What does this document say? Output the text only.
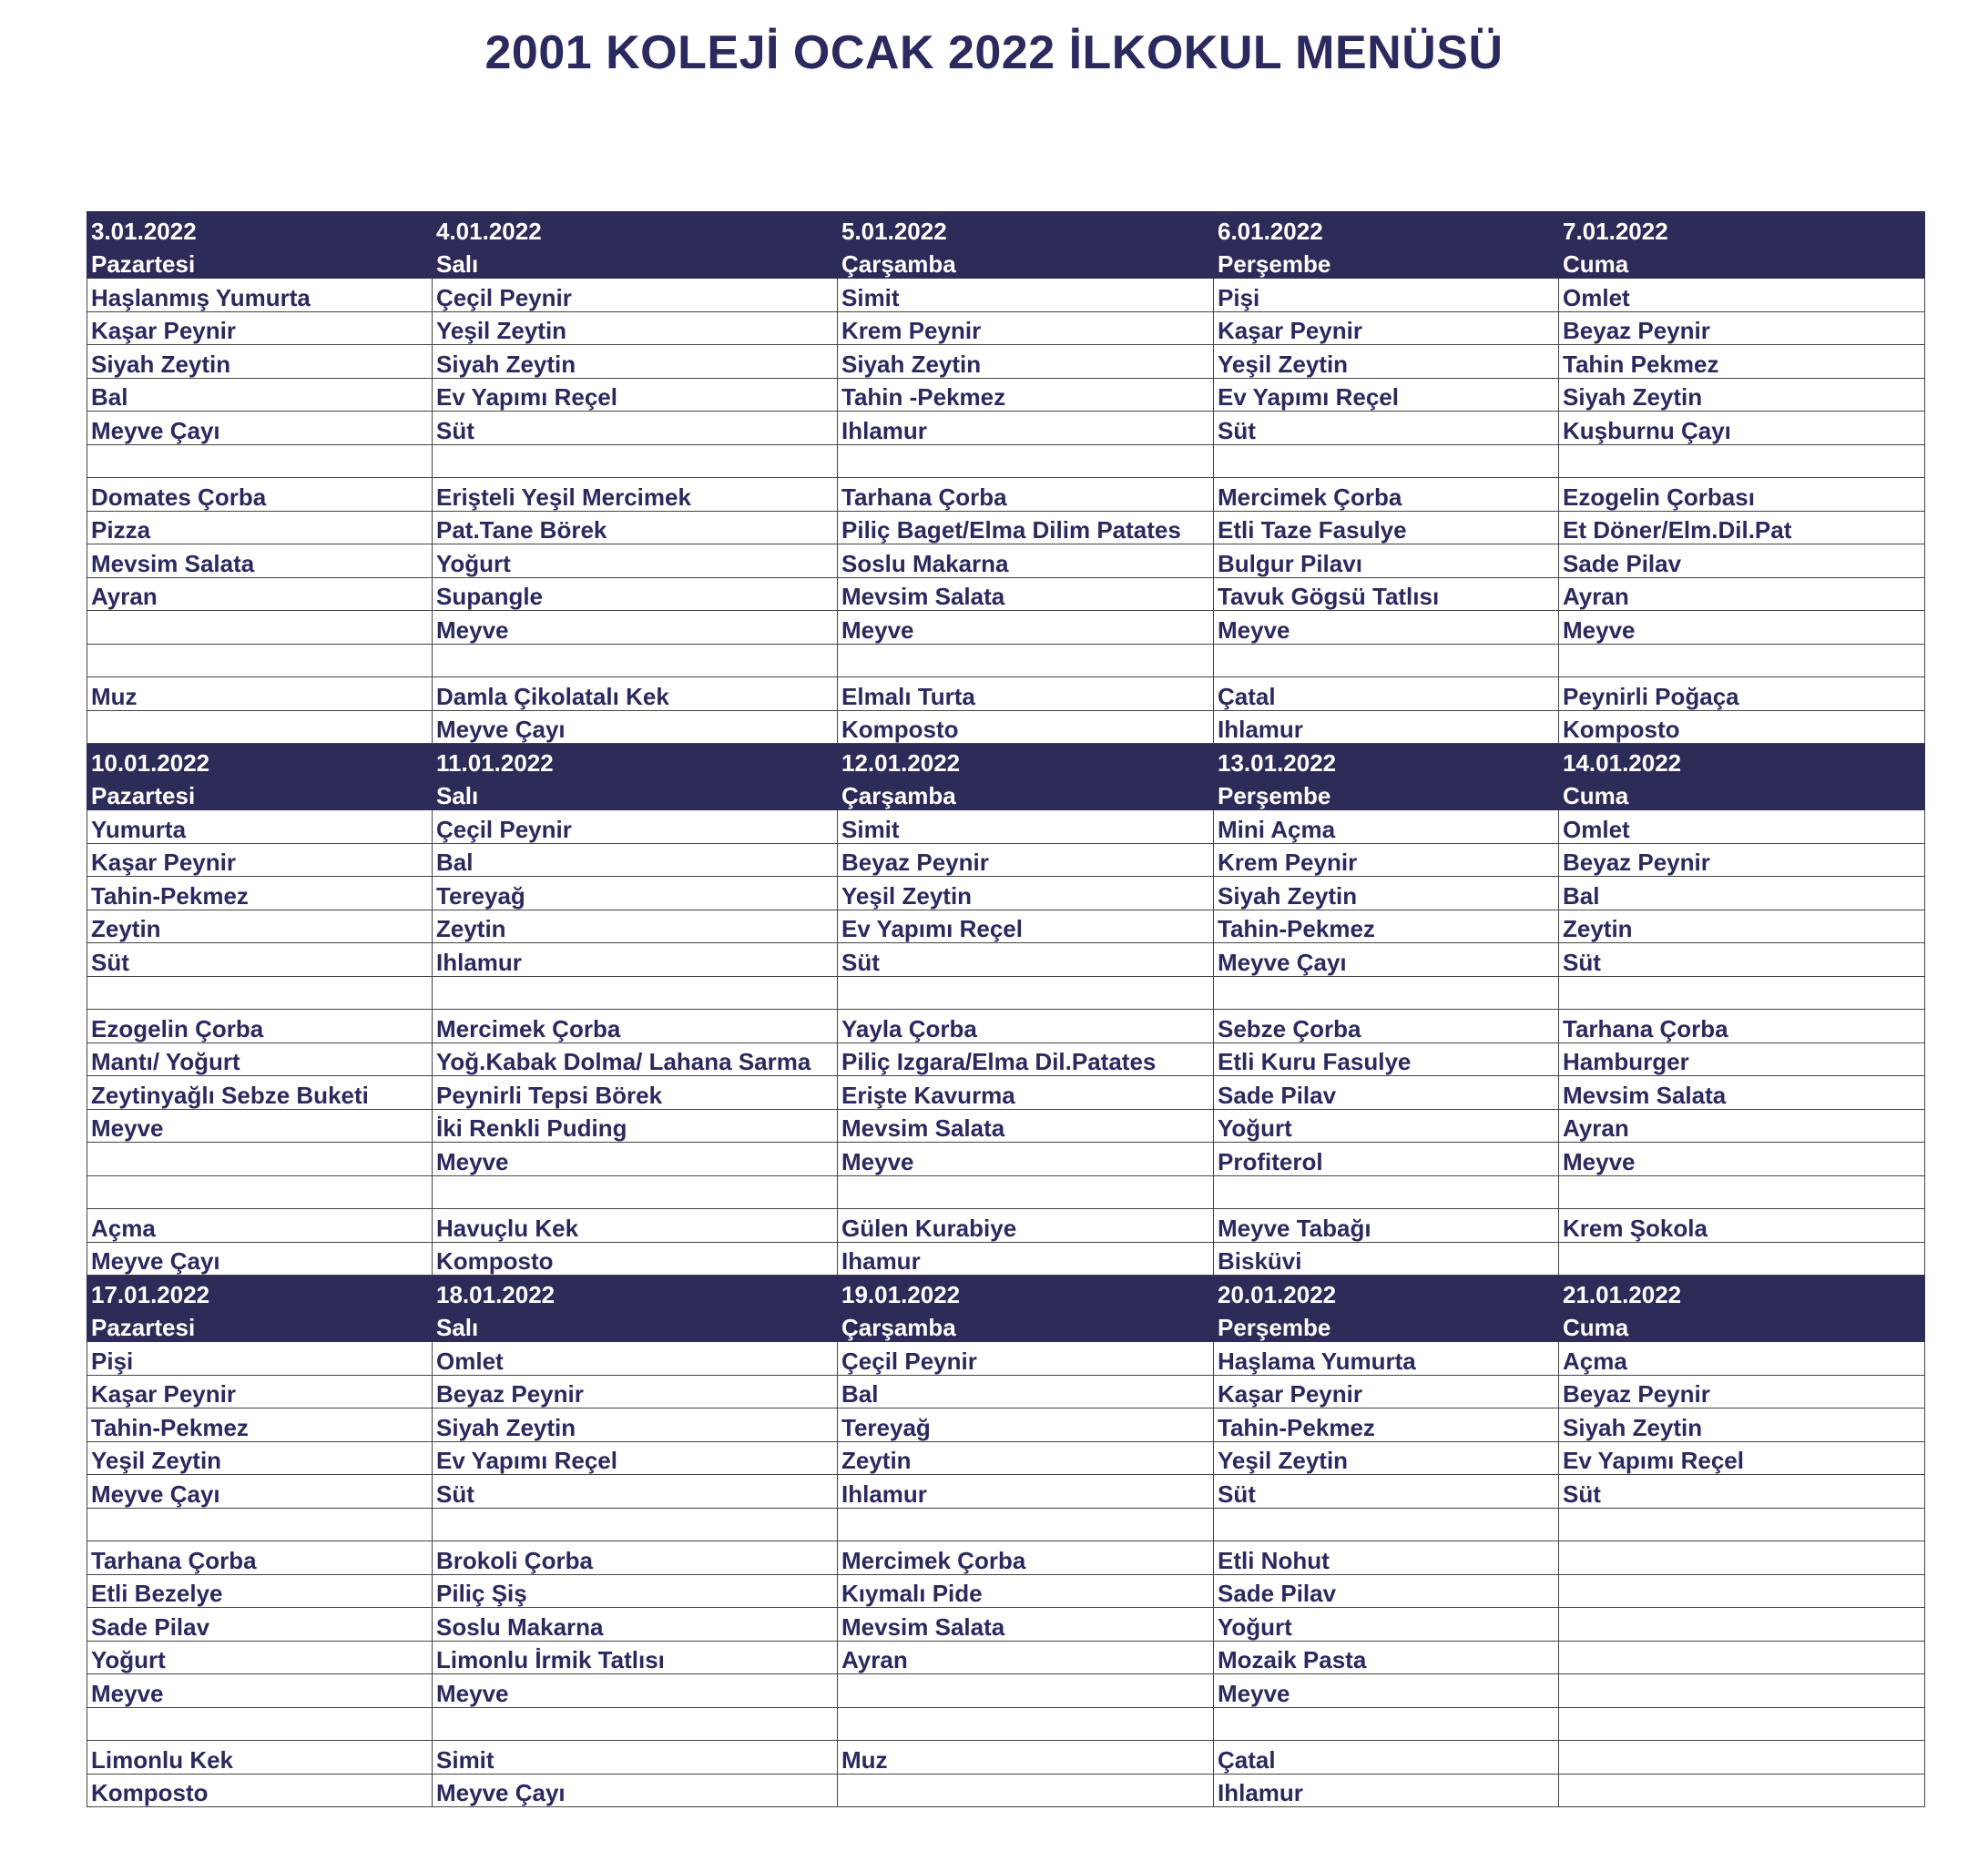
2001 KOLEJİ OCAK 2022 İLKOKUL MENÜSÜ
3.01.2022	4.01.2022	5.01.2022	6.01.2022	7.01.2022
Pazartesi	Salı	Çarşamba	Perşembe	Cuma
Haşlanmış Yumurta	Çeçil Peynir	Simit	Pişi	Omlet
Kaşar Peynir	Yeşil Zeytin	Krem Peynir	Kaşar Peynir	Beyaz Peynir
Siyah Zeytin	Siyah Zeytin	Siyah Zeytin	Yeşil Zeytin	Tahin Pekmez
Bal	Ev Yapımı Reçel	Tahin -Pekmez	Ev Yapımı Reçel	Siyah Zeytin
Meyve Çayı	Süt	Ihlamur	Süt	Kuşburnu Çayı

Domates Çorba	Erişteli Yeşil Mercimek	Tarhana Çorba	Mercimek Çorba	Ezogelin Çorbası
Pizza	Pat.Tane Börek	Piliç Baget/Elma Dilim Patates	Etli Taze Fasulye	Et Döner/Elm.Dil.Pat
Mevsim Salata	Yoğurt	Soslu Makarna	Bulgur Pilavı	Sade Pilav
Ayran	Supangle	Mevsim Salata	Tavuk Gögsü Tatlısı	Ayran
	Meyve	Meyve	Meyve	Meyve

Muz	Damla Çikolatalı Kek	Elmalı Turta	Çatal	Peynirli Poğaça
	Meyve Çayı	Komposto	Ihlamur	Komposto
10.01.2022	11.01.2022	12.01.2022	13.01.2022	14.01.2022
Pazartesi	Salı	Çarşamba	Perşembe	Cuma
Yumurta	Çeçil Peynir	Simit	Mini Açma	Omlet
Kaşar Peynir	Bal	Beyaz Peynir	Krem Peynir	Beyaz Peynir
Tahin-Pekmez	Tereyağ	Yeşil Zeytin	Siyah Zeytin	Bal
Zeytin	Zeytin	Ev Yapımı Reçel	Tahin-Pekmez	Zeytin
Süt	Ihlamur	Süt	Meyve Çayı	Süt

Ezogelin Çorba	Mercimek Çorba	Yayla Çorba	Sebze Çorba	Tarhana Çorba
Mantı/ Yoğurt	Yoğ.Kabak Dolma/ Lahana Sarma	Piliç Izgara/Elma Dil.Patates	Etli Kuru Fasulye	Hamburger
Zeytinyağlı Sebze Buketi	Peynirli Tepsi Börek	Erişte Kavurma	Sade Pilav	Mevsim Salata
Meyve	İki Renkli Puding	Mevsim Salata	Yoğurt	Ayran
	Meyve	Meyve	Profiterol	Meyve

Açma	Havuçlu Kek	Gülen Kurabiye	Meyve Tabağı	Krem Şokola
Meyve Çayı	Komposto	Ihamur	Bisküvi	
17.01.2022	18.01.2022	19.01.2022	20.01.2022	21.01.2022
Pazartesi	Salı	Çarşamba	Perşembe	Cuma
Pişi	Omlet	Çeçil Peynir	Haşlama Yumurta	Açma
Kaşar Peynir	Beyaz Peynir	Bal	Kaşar Peynir	Beyaz Peynir
Tahin-Pekmez	Siyah Zeytin	Tereyağ	Tahin-Pekmez	Siyah Zeytin
Yeşil Zeytin	Ev Yapımı Reçel	Zeytin	Yeşil Zeytin	Ev Yapımı Reçel
Meyve Çayı	Süt	Ihlamur	Süt	Süt

Tarhana Çorba	Brokoli Çorba	Mercimek Çorba	Etli Nohut	
Etli Bezelye	Piliç Şiş	Kıymalı Pide	Sade Pilav	
Sade Pilav	Soslu Makarna	Mevsim Salata	Yoğurt	
Yoğurt	Limonlu İrmik Tatlısı	Ayran	Mozaik Pasta	
Meyve	Meyve		Meyve	

Limonlu Kek	Simit	Muz	Çatal	
Komposto	Meyve Çayı		Ihlamur	
